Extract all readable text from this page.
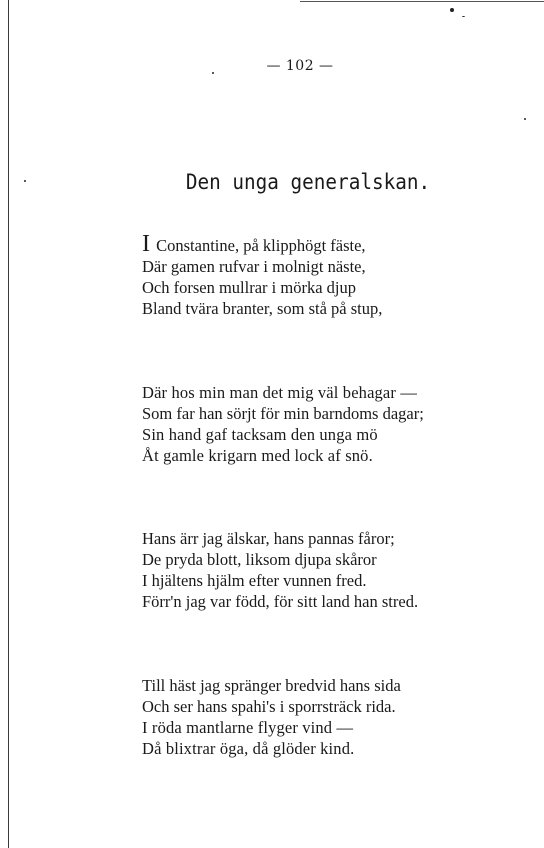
— 102 —
Den unga generalskan.
I Constantine, på klipphögt fäste,
Där gamen rufvar i molnigt näste,
Och forsen mullrar i mörka djup
Bland tvära branter, som stå på stup,
Där hos min man det mig väl behagar —
Som far han sörjt för min barndoms dagar;
Sin hand gaf tacksam den unga mö
Åt gamle krigarn med lock af snö.
Hans ärr jag älskar, hans pannas fåror;
De pryda blott, liksom djupa skåror
I hjältens hjälm efter vunnen fred.
Förr'n jag var född, för sitt land han stred.
Till häst jag spränger bredvid hans sida
Och ser hans spahi's i sporrsträck rida.
I röda mantlarne flyger vind —
Då blixtrar öga, då glöder kind.
